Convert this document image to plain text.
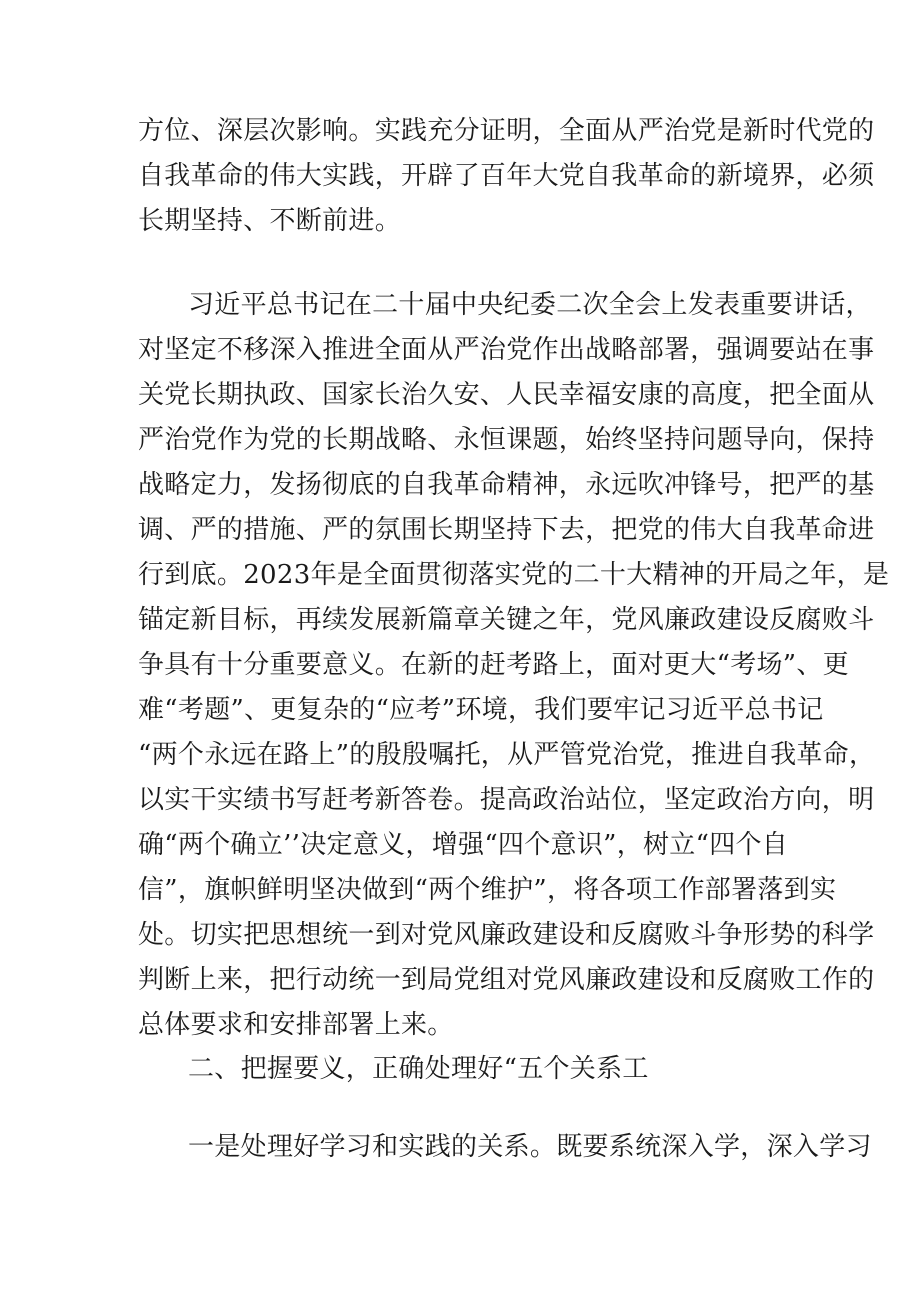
方位、深层次影响。实践充分证明，全面从严治党是新时代党的
自我革命的伟大实践，开辟了百年大党自我革命的新境界，必须
长期坚持、不断前进。
习近平总书记在二十届中央纪委二次全会上发表重要讲话，
对坚定不移深入推进全面从严治党作出战略部署，强调要站在事
关党长期执政、国家长治久安、人民幸福安康的高度，把全面从
严治党作为党的长期战略、永恒课题，始终坚持问题导向，保持
战略定力，发扬彻底的自我革命精神，永远吹冲锋号，把严的基
调、严的措施、严的氛围长期坚持下去，把党的伟大自我革命进
行到底。2023年是全面贯彻落实党的二十大精神的开局之年，是
锚定新目标，再续发展新篇章关键之年，党风廉政建设反腐败斗
争具有十分重要意义。在新的赶考路上，面对更大“考场”、更
难“考题”、更复杂的“应考”环境，我们要牢记习近平总书记
“两个永远在路上”的殷殷嘱托，从严管党治党，推进自我革命，
以实干实绩书写赶考新答卷。提高政治站位，坚定政治方向，明
确“两个确立’’决定意义，增强“四个意识”，树立“四个自
信”，旗帜鲜明坚决做到“两个维护”，将各项工作部署落到实
处。切实把思想统一到对党风廉政建设和反腐败斗争形势的科学
判断上来，把行动统一到局党组对党风廉政建设和反腐败工作的
总体要求和安排部署上来。
二、把握要义，正确处理好“五个关系工
一是处理好学习和实践的关系。既要系统深入学，深入学习
